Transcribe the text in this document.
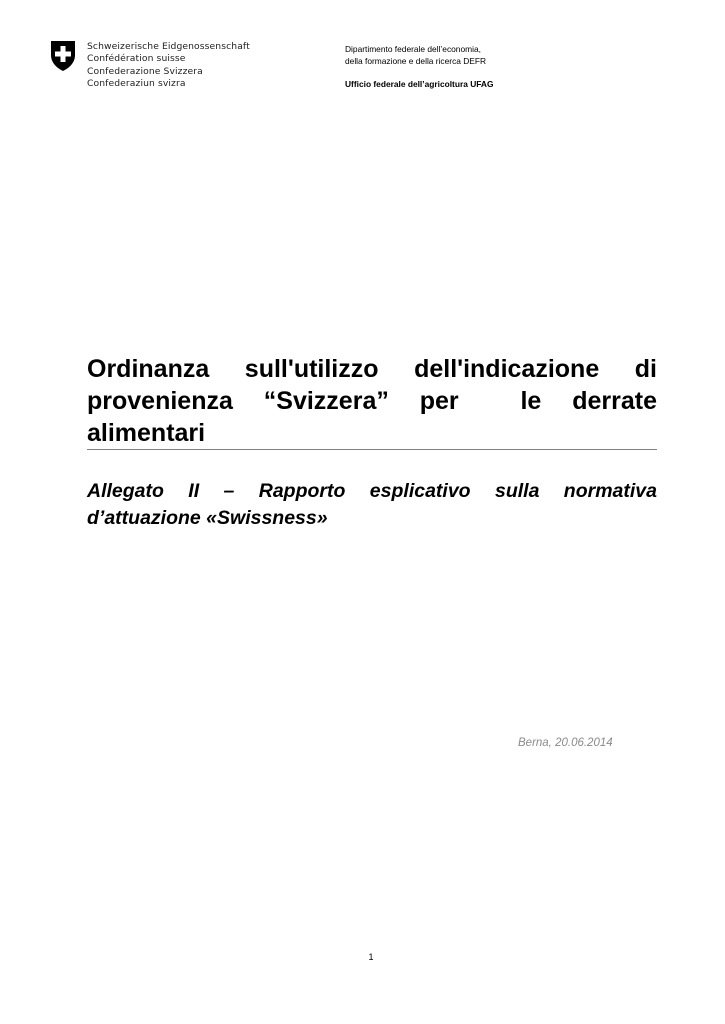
Schweizerische Eidgenossenschaft
Confédération suisse
Confederazione Svizzera
Confederaziun svizra
Dipartimento federale dell’economia,
della formazione e della ricerca DEFR
Ufficio federale dell’agricoltura UFAG
Ordinanza sull'utilizzo dell'indicazione di
provenienza “Svizzera” per  le derrate
alimentari
Allegato II – Rapporto esplicativo sulla normativa
d’attuazione «Swissness»
Berna, 20.06.2014
1
